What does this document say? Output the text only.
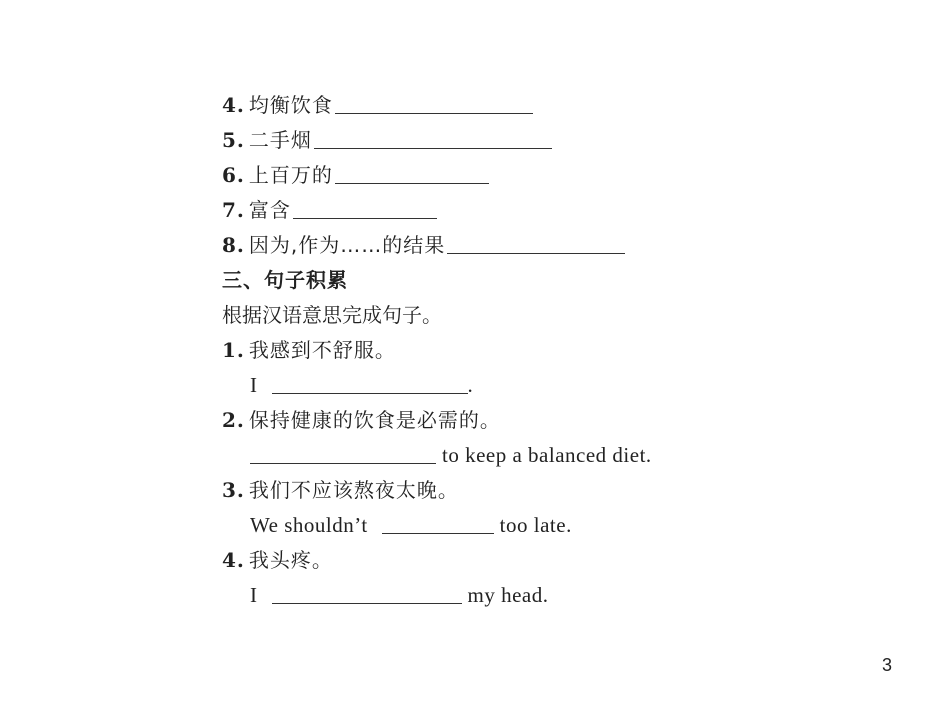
4. 均衡饮食
5. 二手烟
6. 上百万的
7. 富含
8. 因为,作为……的结果
三、句子积累
根据汉语意思完成句子。
1. 我感到不舒服。
I	.
2. 保持健康的饮食是必需的。
to keep a balanced diet.
3. 我们不应该熬夜太晚。
We shouldn’t	too late.
4. 我头疼。
I	my head.
3
